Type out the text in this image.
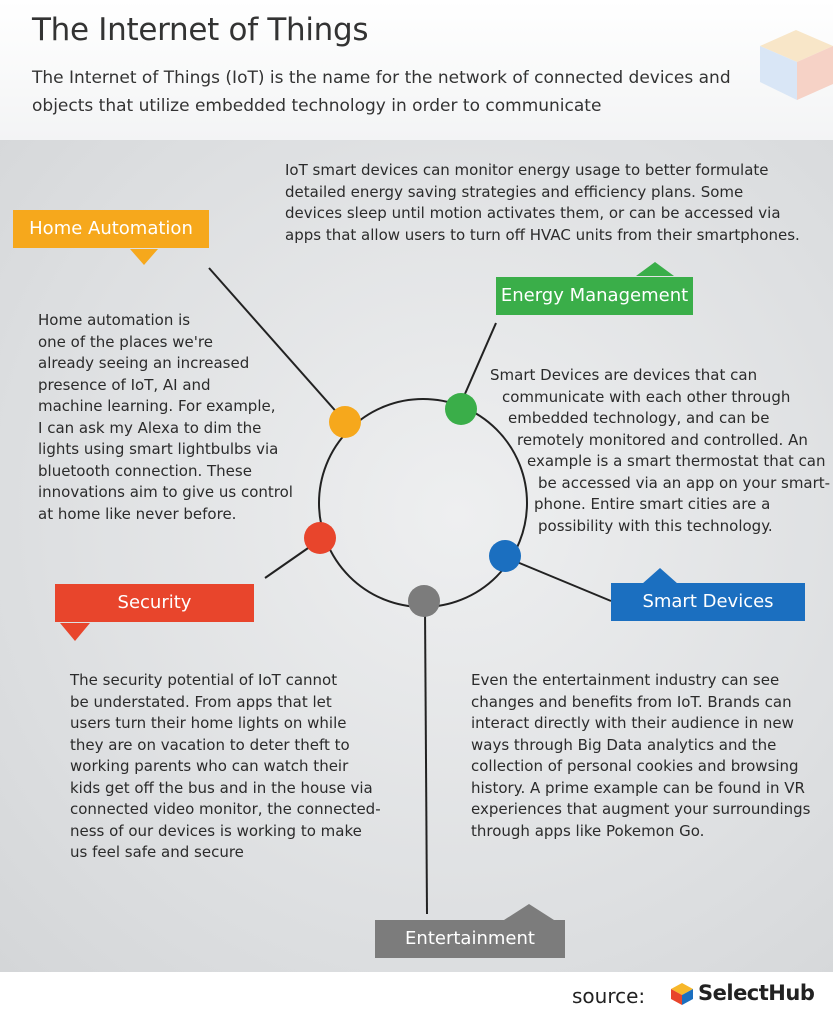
The Internet of Things

The Internet of Things (IoT) is the name for the network of connected devices and objects that utilize embedded technology in order to communicate

Home Automation
Energy Management
Smart Devices
Security
Entertainment
IoT smart devices can monitor energy usage to better formulate
detailed energy saving strategies and efficiency plans. Some
devices sleep until motion activates them, or can be accessed via
apps that allow users to turn off HVAC units from their smartphones.
Home automation is
one of the places we're
already seeing an increased
presence of IoT, AI and
machine learning. For example,
I can ask my Alexa to dim the
lights using smart lightbulbs via
bluetooth connection. These
innovations aim to give us control
at home like never before.
Smart Devices are devices that can
communicate with each other through
embedded technology, and can be
remotely monitored and controlled. An
example is a smart thermostat that can
be accessed via an app on your smart-
phone. Entire smart cities are a
possibility with this technology.
The security potential of IoT cannot
be understated. From apps that let
users turn their home lights on while
they are on vacation to deter theft to
working parents who can watch their
kids get off the bus and in the house via
connected video monitor, the connected-
ness of our devices is working to make
us feel safe and secure
Even the entertainment industry can see
changes and benefits from IoT. Brands can
interact directly with their audience in new
ways through Big Data analytics and the
collection of personal cookies and browsing
history. A prime example can be found in VR
experiences that augment your surroundings
through apps like Pokemon Go.
source:	SelectHub
